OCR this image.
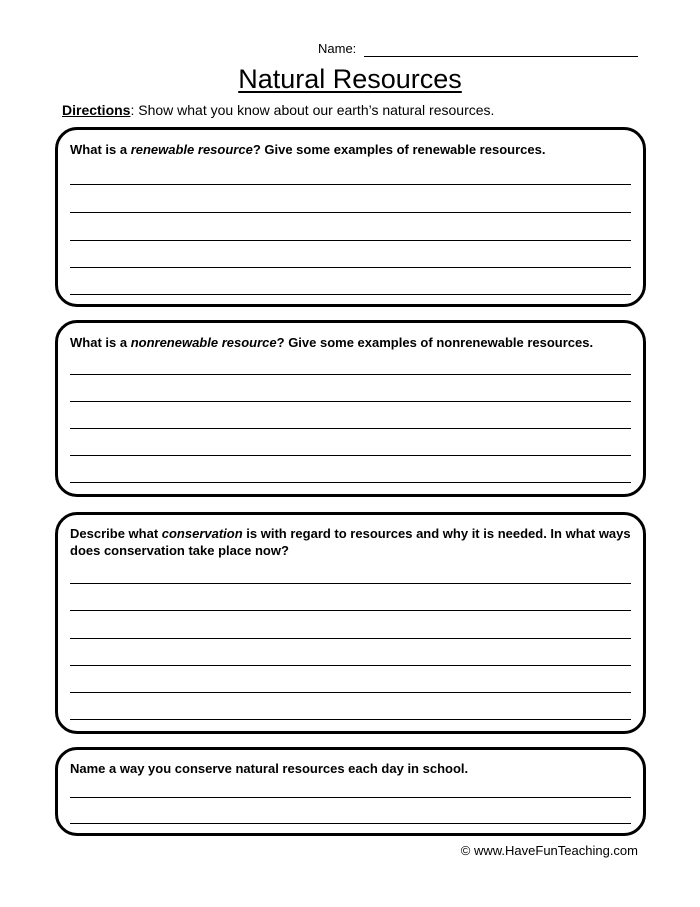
Name:
Natural Resources
Directions: Show what you know about our earth’s natural resources.
What is a renewable resource? Give some examples of renewable resources.
What is a nonrenewable resource? Give some examples of nonrenewable resources.
Describe what conservation is with regard to resources and why it is needed. In what ways does conservation take place now?
Name a way you conserve natural resources each day in school.
© www.HaveFunTeaching.com
